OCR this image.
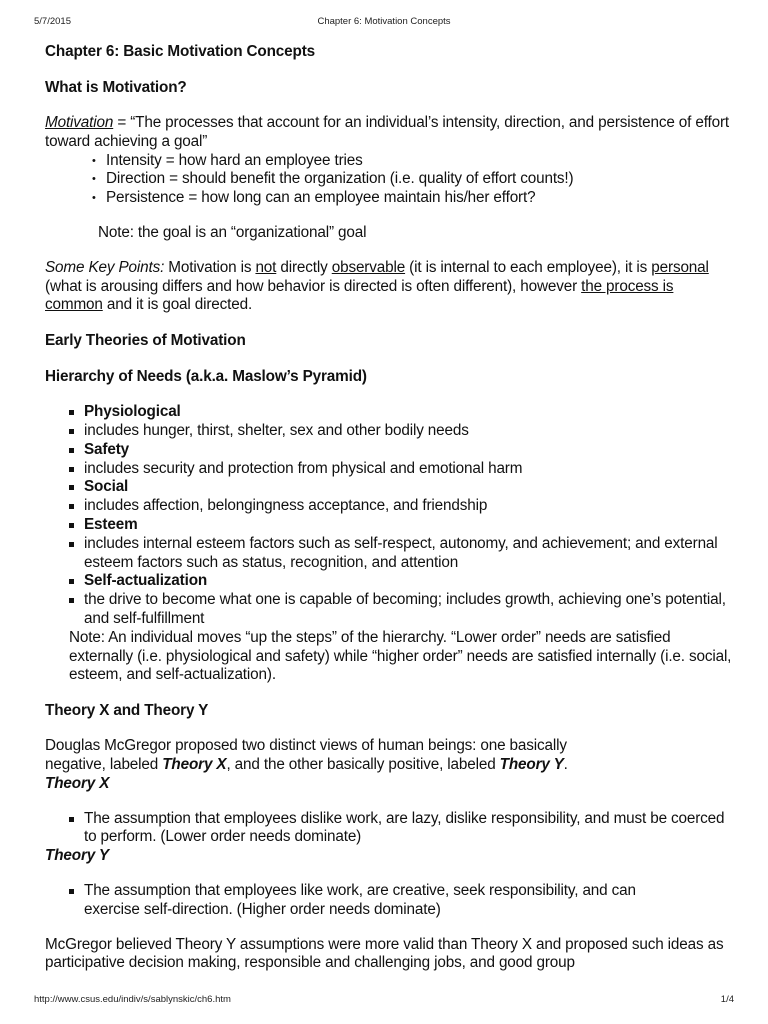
5/7/2015	Chapter 6: Motivation Concepts
Chapter 6: Basic Motivation Concepts
What is Motivation?

Motivation = “The processes that account for an individual’s intensity, direction, and persistence of effort toward achieving a goal”

• Intensity = how hard an employee tries
• Direction = should benefit the organization (i.e. quality of effort counts!)
• Persistence = how long can an employee maintain his/her effort?

Note: the goal is an “organizational” goal

Some Key Points: Motivation is not directly observable (it is internal to each employee), it is personal (what is arousing differs and how behavior is directed is often different), however the process is common and it is goal directed.

Early Theories of Motivation
Hierarchy of Needs (a.k.a. Maslow’s Pyramid)
Physiological
includes hunger, thirst, shelter, sex and other bodily needs
Safety
includes security and protection from physical and emotional harm
Social
includes affection, belongingness acceptance, and friendship
Esteem
includes internal esteem factors such as self-respect, autonomy, and achievement; and external esteem factors such as status, recognition, and attention
Self-actualization
the drive to become what one is capable of becoming; includes growth, achieving one’s potential, and self-fulfillment

Note: An individual moves “up the steps” of the hierarchy. “Lower order” needs are satisfied externally (i.e. physiological and safety) while “higher order” needs are satisfied internally (i.e. social, esteem, and self-actualization).

Theory X and Theory Y

Douglas McGregor proposed two distinct views of human beings: one basically negative, labeled Theory X, and the other basically positive, labeled Theory Y.

Theory X

The assumption that employees dislike work, are lazy, dislike responsibility, and must be coerced to perform. (Lower order needs dominate)

Theory Y

The assumption that employees like work, are creative, seek responsibility, and can exercise self-direction. (Higher order needs dominate)

McGregor believed Theory Y assumptions were more valid than Theory X and proposed such ideas as participative decision making, responsible and challenging jobs, and good group

http://www.csus.edu/indiv/s/sablynskic/ch6.htm	1/4
